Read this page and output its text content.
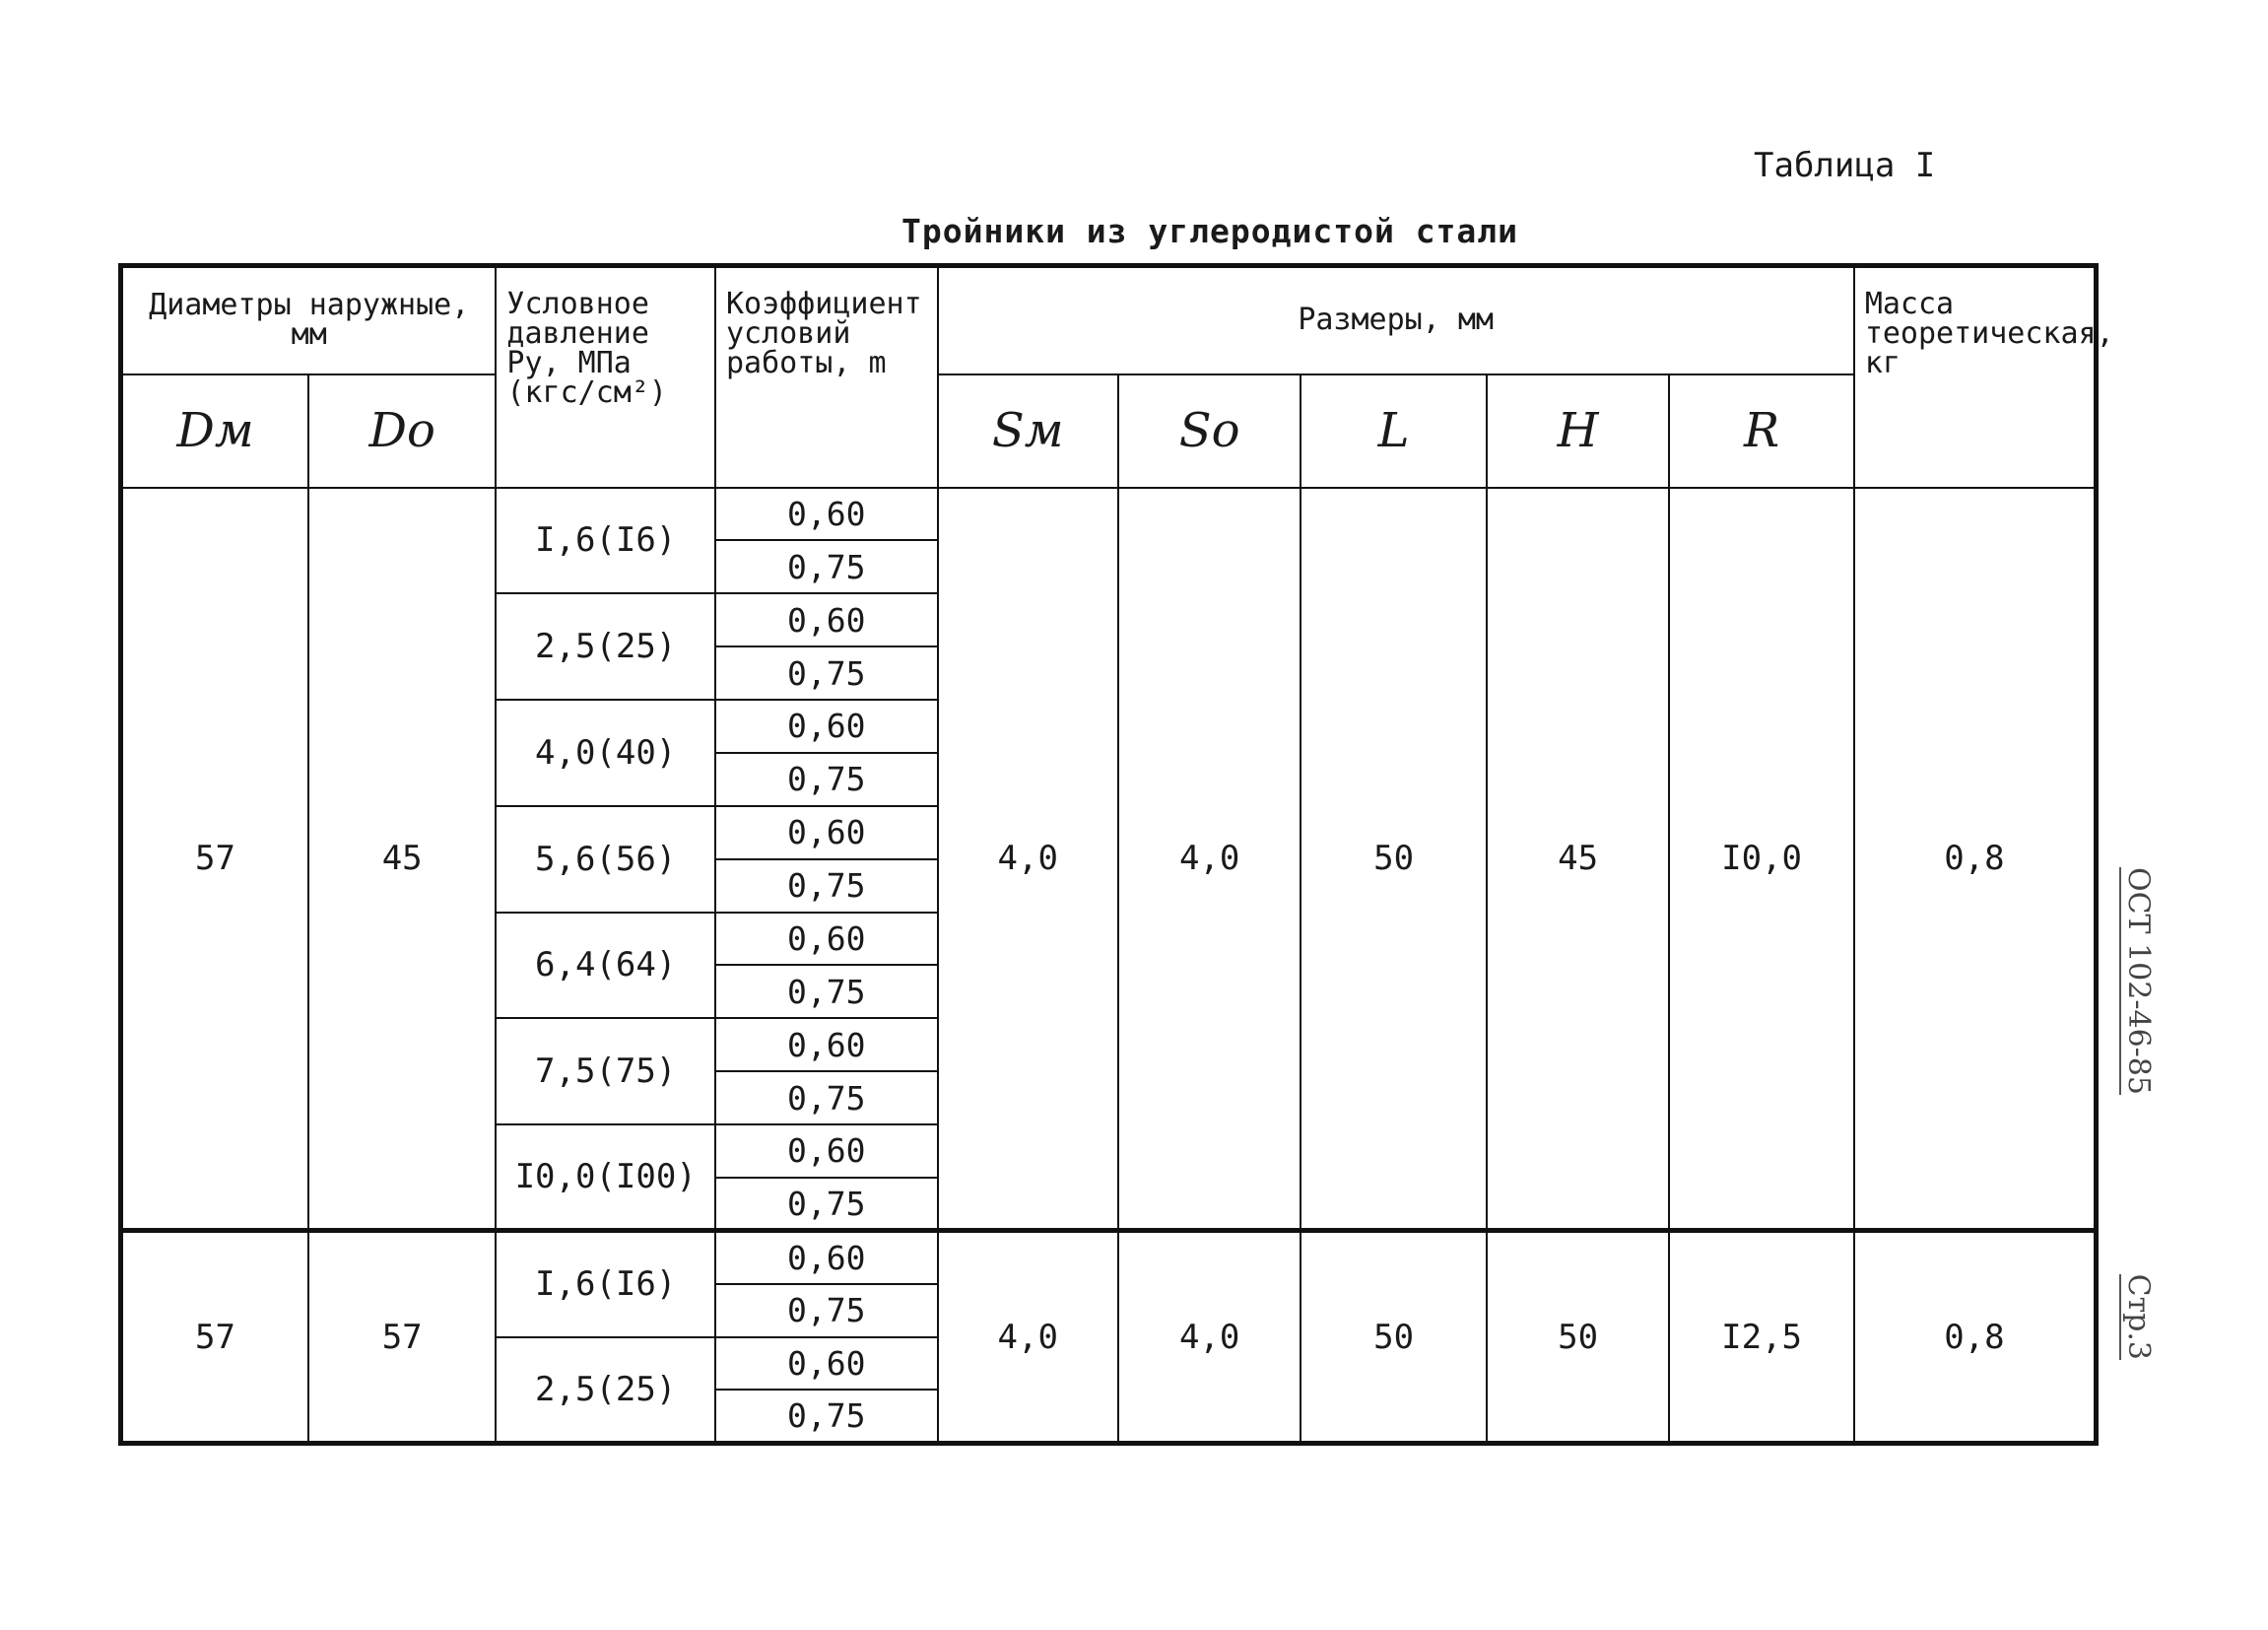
Таблица I
Тройники из углеродистой стали
ОСТ 102-46-85
Стр.3
Диаметры наружные, мм		Условное давление Pу, МПа (кгс/см²)	Коэффициент условий работы, m	Размеры, мм					Масса теоретическая, кг
Dм	Dо			Sм	Sо	L	H	R	
57	45	I,6(I6)	0,60	4,0	4,0	50	45	I0,0	0,8
			0,75						
		2,5(25)	0,60						
			0,75						
		4,0(40)	0,60						
			0,75						
		5,6(56)	0,60						
			0,75						
		6,4(64)	0,60						
			0,75						
		7,5(75)	0,60						
			0,75						
		I0,0(I00)	0,60						
			0,75						
57	57	I,6(I6)	0,60	4,0	4,0	50	50	I2,5	0,8
			0,75						
		2,5(25)	0,60						
			0,75						
